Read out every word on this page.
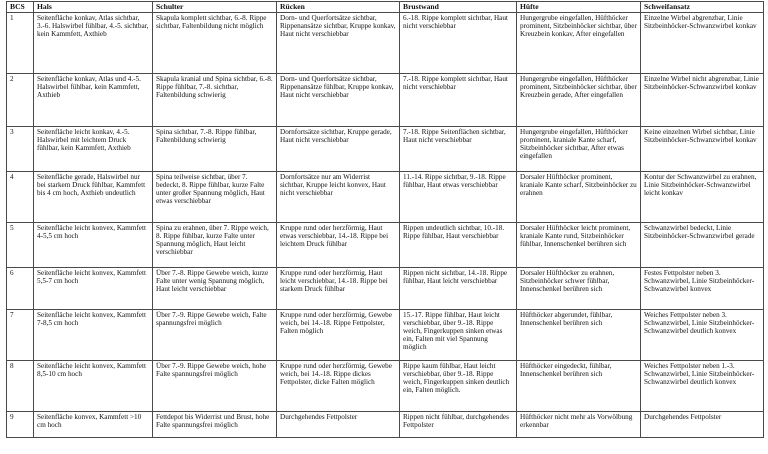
BCS	Hals	Schulter	Rücken	Brustwand	Hüfte	Schweifansatz
1	Seitenfläche konkav, Atlas sichtbar, 3.-6. Halswirbel fühlbar, 4.-5. sichtbar, kein Kammfett, Axthieb	Skapula komplett sichtbar, 6.-8. Rippe sichtbar, Faltenbildung nicht möglich	Dorn- und Querfortsätze sichtbar, Rippenansätze sichtbar, Kruppe konkav, Haut nicht verschiebbar	6.-18. Rippe komplett sichtbar, Haut nicht verschiebbar	Hungergrube eingefallen, Hüfthöcker prominent, Sitzbeinhöcker sichtbar, über Kreuzbein konkav, After eingefallen	Einzelne Wirbel abgrenzbar, Linie Sitzbeinhöcker-Schwanzwirbel konkav
2	Seitenfläche konkav, Atlas und 4.-5. Halswirbel fühlbar, kein Kammfett, Axthieb	Skapula kranial und Spina sichtbar, 6.-8. Rippe fühlbar, 7.-8. sichtbar, Faltenbildung schwierig	Dorn- und Querfortsätze sichtbar, Rippenansätze fühlbar, Kruppe konkav, Haut nicht verschiebbar	7.-18. Rippe komplett sichtbar, Haut nicht verschiebbar	Hungergrube eingefallen, Hüfthöcker prominent, Sitzbeinhöcker sichtbar, über Kreuzbein gerade, After eingefallen	Einzelne Wirbel nicht abgrenzbar, Linie Sitzbeinhöcker-Schwanzwirbel konkav
3	Seitenfläche leicht konkav, 4.-5. Halswirbel mit leichtem Druck fühlbar, kein Kammfett, Axthieb	Spina sichtbar, 7.-8. Rippe fühlbar, Faltenbildung schwierig	Dornfortsätze sichtbar, Kruppe gerade, Haut nicht verschiebbar	7.-18. Rippe Seitenflächen sichtbar, Haut nicht verschiebbar	Hungergrube eingefallen, Hüfthöcker prominent, kraniale Kante scharf, Sitzbeinhöcker sichtbar, After etwas eingefallen	Keine einzelnen Wirbel sichtbar, Linie Sitzbeinhöcker-Schwanzwirbel konkav
4	Seitenfläche gerade, Halswirbel nur bei starkem Druck fühlbar, Kammfett bis 4 cm hoch, Axthieb undeutlich	Spina teilweise sichtbar, über 7. bedeckt, 8. Rippe fühlbar, kurze Falte unter großer Spannung möglich, Haut etwas verschiebbar	Dornfortsätze nur am Widerrist sichtbar, Kruppe leicht konvex, Haut nicht verschiebbar	11.-14. Rippe sichtbar, 9.-18. Rippe fühlbar, Haut etwas verschiebbar	Dorsaler Hüfthöcker prominent, kraniale Kante scharf, Sitzbeinhöcker zu erahnen	Kontur der Schwanzwirbel zu erahnen, Linie Sitzbeinhöcker-Schwanzwirbel leicht konkav
5	Seitenfläche leicht konvex, Kammfett 4-5,5 cm hoch	Spina zu erahnen, über 7. Rippe weich, 8. Rippe fühlbar, kurze Falte unter Spannung möglich, Haut leicht verschiebbar	Kruppe rund oder herzförmig, Haut etwas verschiebbar, 14.-18. Rippe bei leichtem Druck fühlbar	Rippen undeutlich sichtbar, 10.-18. Rippe fühlbar, Haut verschiebbar	Dorsaler Hüfthöcker leicht prominent, kraniale Kante rund, Sitzbeinhöcker fühlbar, Innenschenkel berühren sich	Schwanzwirbel bedeckt, Linie Sitzbeinhöcker-Schwanzwirbel gerade
6	Seitenfläche leicht konvex, Kammfett 5,5-7 cm hoch	Über 7.-8. Rippe Gewebe weich, kurze Falte unter wenig Spannung möglich, Haut leicht verschiebbar	Kruppe rund oder herzförmig, Haut leicht verschiebbar, 14.-18. Rippe bei starkem Druck fühlbar	Rippen nicht sichtbar, 14.-18. Rippe fühlbar, Haut leicht verschiebbar	Dorsaler Hüfthöcker zu erahnen, Sitzbeinhöcker schwer fühlbar, Innenschenkel berühren sich	Festes Fettpolster neben 3. Schwanzwirbel, Linie Sitzbeinhöcker-Schwanzwirbel konvex
7	Seitenfläche leicht konvex, Kammfett 7-8,5 cm hoch	Über 7.-9. Rippe Gewebe weich, Falte spannungsfrei möglich	Kruppe rund oder herzförmig, Gewebe weich, bei 14.-18. Rippe Fettpolster, Falten möglich	15.-17. Rippe fühlbar, Haut leicht verschiebbar, über 9.-18. Rippe weich, Fingerkuppen sinken etwas ein, Falten mit viel Spannung möglich	Hüfthöcker abgerundet, fühlbar, Innenschenkel berühren sich	Weiches Fettpolster neben 3. Schwanzwirbel, Linie Sitzbeinhöcker-Schwanzwirbel deutlich konvex
8	Seitenfläche leicht konvex, Kammfett 8,5-10 cm hoch	Über 7.-9. Rippe Gewebe weich, hohe Falte spannungsfrei möglich	Kruppe rund oder herzförmig, Gewebe weich, bei 14.-18. Rippe dickes Fettpolster, dicke Falten möglich	Rippe kaum fühlbar, Haut leicht verschiebbar, über 9.-18. Rippe weich, Fingerkuppen sinken deutlich ein, Falten möglich.	Hüfthöcker eingedeckt, fühlbar, Innenschenkel berühren sich	Weiches Fettpolster neben 1.-3. Schwanzwirbel, Linie Sitzbeinhöcker-Schwanzwirbel deutlich konvex
9	Seitenfläche konvex, Kammfett >10 cm hoch	Fettdepot bis Widerrist und Brust, hohe Falte spannungsfrei möglich	Durchgehendes Fettpolster	Rippen nicht fühlbar, durchgehendes Fettpolster	Hüfthöcker nicht mehr als Vorwölbung erkennbar	Durchgehendes Fettpolster
